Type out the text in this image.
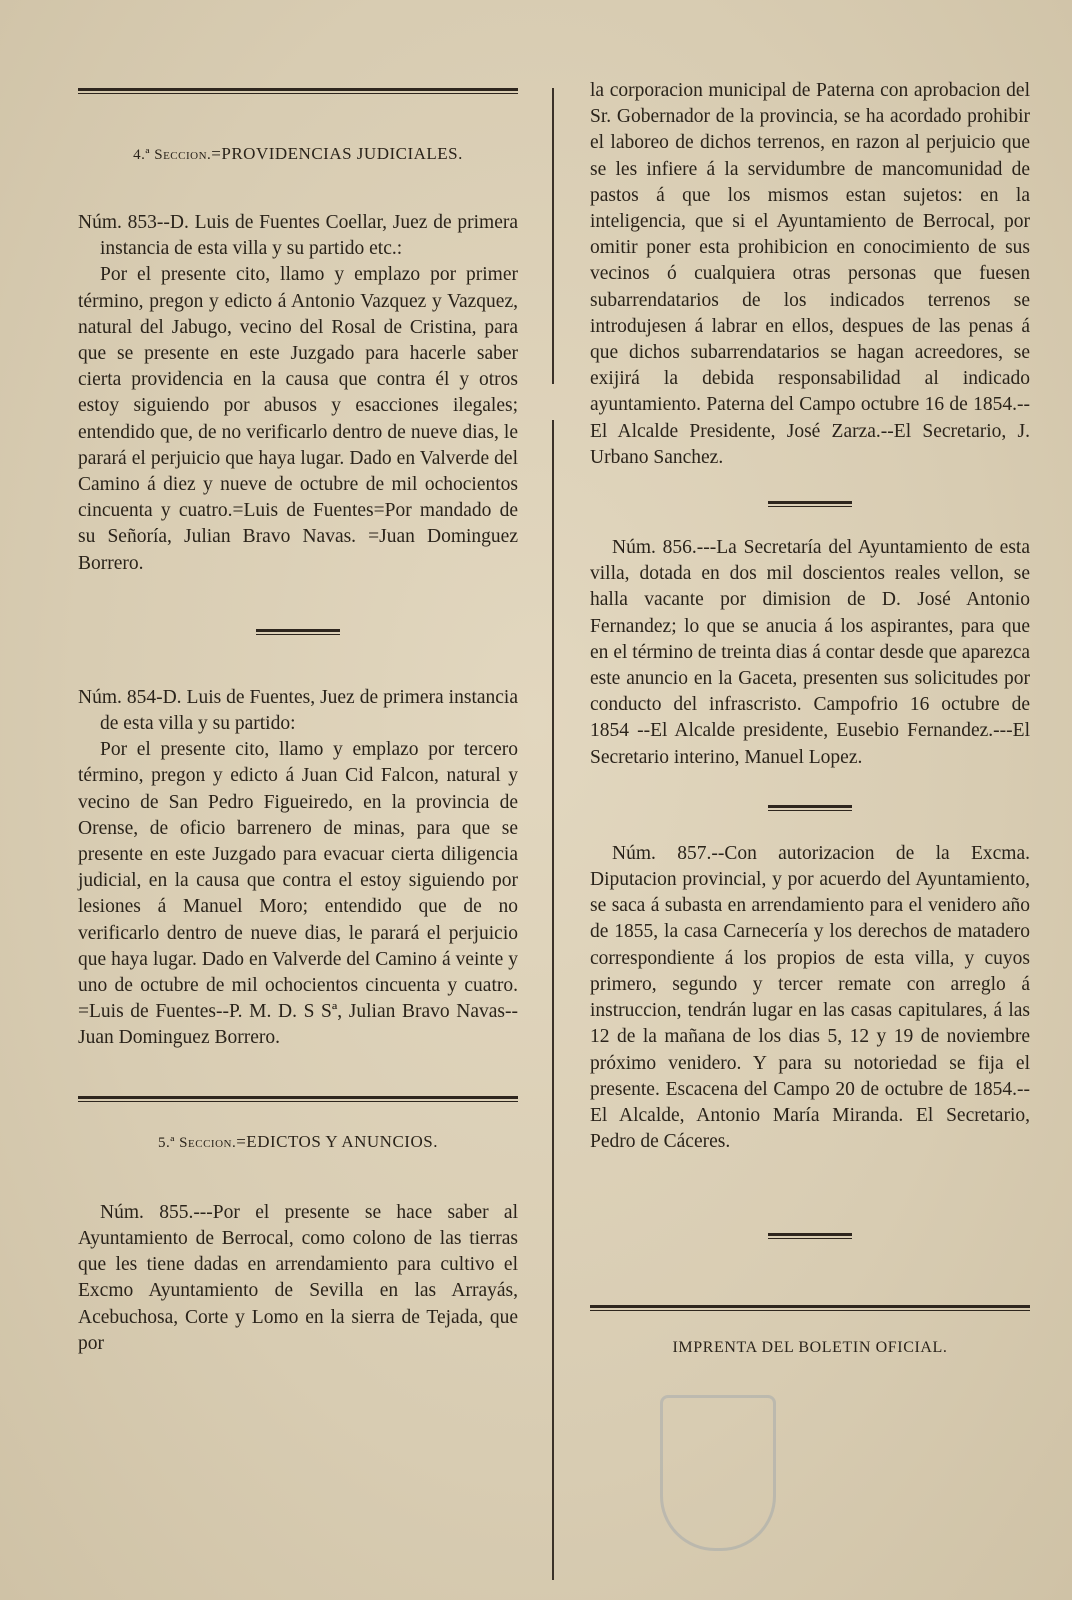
4.ª Seccion.=PROVIDENCIAS JUDICIALES.

Núm. 853--D. Luis de Fuentes Coellar, Juez de primera instancia de esta villa y su partido etc.:

Por el presente cito, llamo y emplazo por primer término, pregon y edicto á Antonio Vazquez y Vazquez, natural del Jabugo, vecino del Rosal de Cristina, para que se presente en este Juzgado para hacerle saber cierta providencia en la causa que contra él y otros estoy siguiendo por abusos y esacciones ilegales; entendido que, de no verificarlo dentro de nueve dias, le parará el perjuicio que haya lugar. Dado en Valverde del Camino á diez y nueve de octubre de mil ochocientos cincuenta y cuatro.=Luis de Fuentes=Por mandado de su Señoría, Julian Bravo Navas. =Juan Dominguez Borrero.

Núm. 854-D. Luis de Fuentes, Juez de primera instancia de esta villa y su partido:

Por el presente cito, llamo y emplazo por tercero término, pregon y edicto á Juan Cid Falcon, natural y vecino de San Pedro Figueiredo, en la provincia de Orense, de oficio barrenero de minas, para que se presente en este Juzgado para evacuar cierta diligencia judicial, en la causa que contra el estoy siguiendo por lesiones á Manuel Moro; entendido que de no verificarlo dentro de nueve dias, le parará el perjuicio que haya lugar. Dado en Valverde del Camino á veinte y uno de octubre de mil ochocientos cincuenta y cuatro. =Luis de Fuentes--P. M. D. S Sª, Julian Bravo Navas--Juan Dominguez Borrero.

5.ª Seccion.=EDICTOS Y ANUNCIOS.

Núm. 855.---Por el presente se hace saber al Ayuntamiento de Berrocal, como colono de las tierras que les tiene dadas en arrendamiento para cultivo el Excmo Ayuntamiento de Sevilla en las Arrayás, Acebuchosa, Corte y Lomo en la sierra de Tejada, que por

la corporacion municipal de Paterna con aprobacion del Sr. Gobernador de la provincia, se ha acordado prohibir el laboreo de dichos terrenos, en razon al perjuicio que se les infiere á la servidumbre de mancomunidad de pastos á que los mismos estan sujetos: en la inteligencia, que si el Ayuntamiento de Berrocal, por omitir poner esta prohibicion en conocimiento de sus vecinos ó cualquiera otras personas que fuesen subarrendatarios de los indicados terrenos se introdujesen á labrar en ellos, despues de las penas á que dichos subarrendatarios se hagan acreedores, se exijirá la debida responsabilidad al indicado ayuntamiento. Paterna del Campo octubre 16 de 1854.--El Alcalde Presidente, José Zarza.--El Secretario, J. Urbano Sanchez.

Núm. 856.---La Secretaría del Ayuntamiento de esta villa, dotada en dos mil doscientos reales vellon, se halla vacante por dimision de D. José Antonio Fernandez; lo que se anucia á los aspirantes, para que en el término de treinta dias á contar desde que aparezca este anuncio en la Gaceta, presenten sus solicitudes por conducto del infrascristo. Campofrio 16 octubre de 1854 --El Alcalde presidente, Eusebio Fernandez.---El Secretario interino, Manuel Lopez.

Núm. 857.--Con autorizacion de la Excma. Diputacion provincial, y por acuerdo del Ayuntamiento, se saca á subasta en arrendamiento para el venidero año de 1855, la casa Carnecería y los derechos de matadero correspondiente á los propios de esta villa, y cuyos primero, segundo y tercer remate con arreglo á instruccion, tendrán lugar en las casas capitulares, á las 12 de la mañana de los dias 5, 12 y 19 de noviembre próximo venidero. Y para su notoriedad se fija el presente. Escacena del Campo 20 de octubre de 1854.--El Alcalde, Antonio María Miranda. El Secretario, Pedro de Cáceres.

IMPRENTA DEL BOLETIN OFICIAL.
